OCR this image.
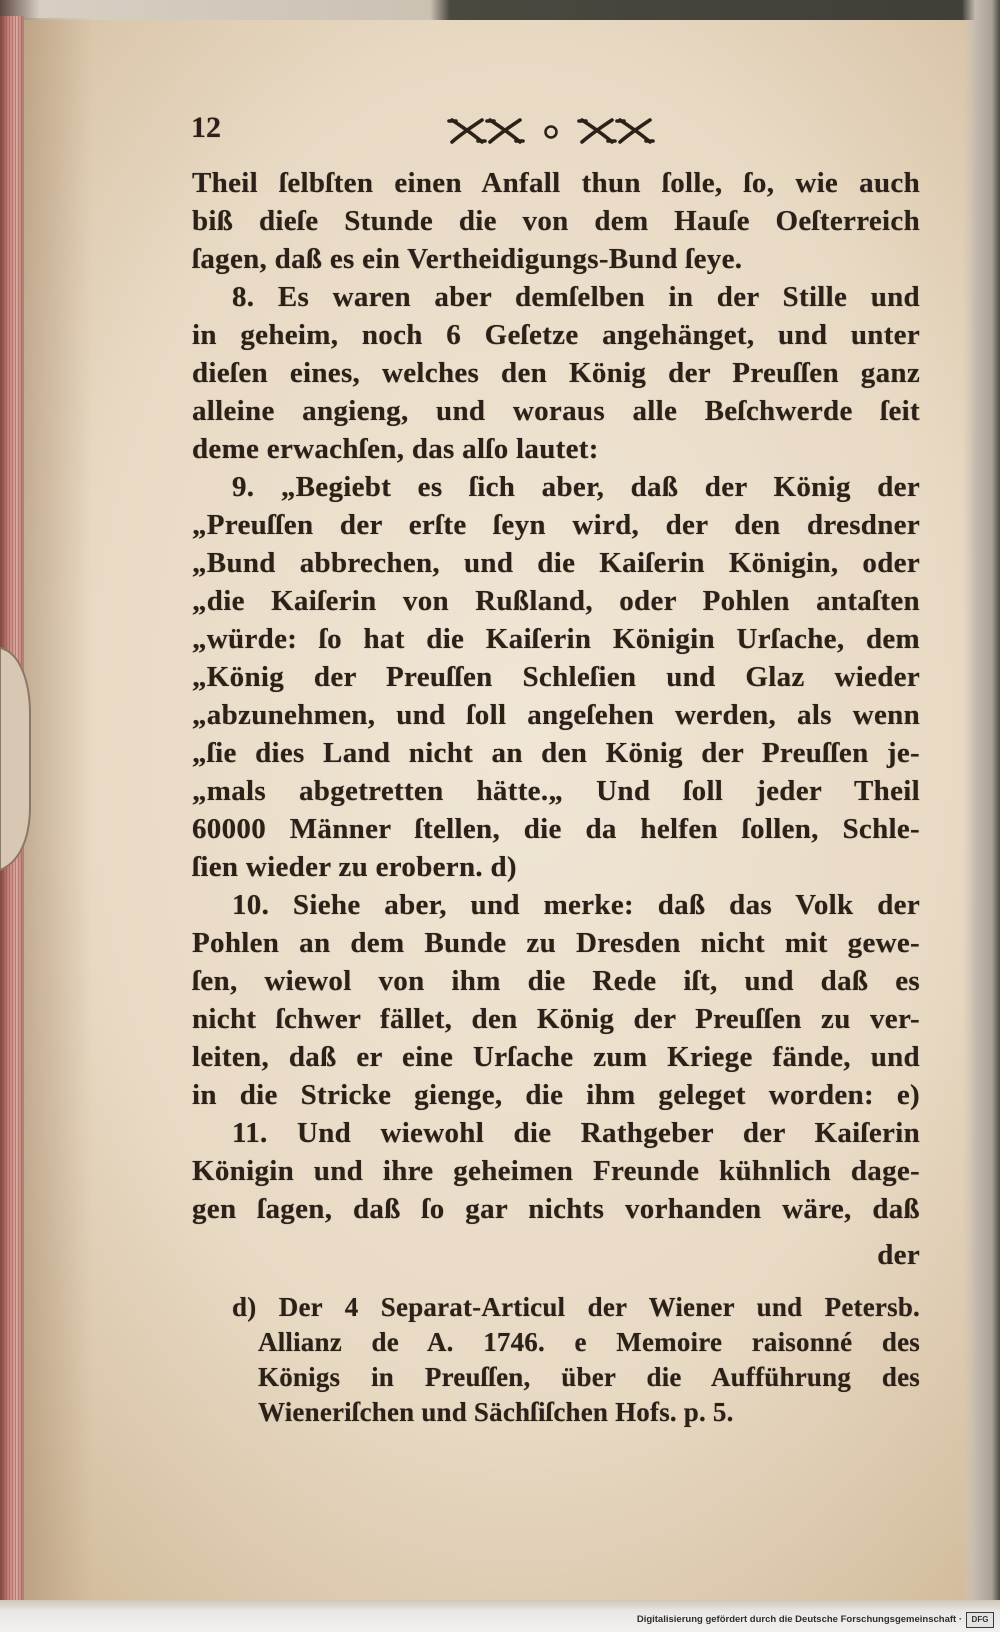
12
Theil ſelbſten einen Anfall thun ſolle, ſo, wie auch
biß dieſe Stunde die von dem Hauſe Oeſterreich
ſagen, daß es ein Vertheidigungs-Bund ſeye.
8. Es waren aber demſelben in der Stille und
in geheim, noch 6 Geſetze angehänget, und unter
dieſen eines, welches den König der Preuſſen ganz
alleine angieng, und woraus alle Beſchwerde ſeit
deme erwachſen, das alſo lautet:
9. „Begiebt es ſich aber, daß der König der
„Preuſſen der erſte ſeyn wird, der den dresdner
„Bund abbrechen, und die Kaiſerin Königin, oder
„die Kaiſerin von Rußland, oder Pohlen antaſten
„würde: ſo hat die Kaiſerin Königin Urſache, dem
„König der Preuſſen Schleſien und Glaz wieder
„abzunehmen, und ſoll angeſehen werden, als wenn
„ſie dies Land nicht an den König der Preuſſen je-
„mals abgetretten hätte.„ Und ſoll jeder Theil
60000 Männer ſtellen, die da helfen ſollen, Schle-
ſien wieder zu erobern. d)
10. Siehe aber, und merke: daß das Volk der
Pohlen an dem Bunde zu Dresden nicht mit gewe-
ſen, wiewol von ihm die Rede iſt, und daß es
nicht ſchwer fället, den König der Preuſſen zu ver-
leiten, daß er eine Urſache zum Kriege fände, und
in die Stricke gienge, die ihm geleget worden: e)
11. Und wiewohl die Rathgeber der Kaiſerin
Königin und ihre geheimen Freunde kühnlich dage-
gen ſagen, daß ſo gar nichts vorhanden wäre, daß
der
d) Der 4 Separat-Articul der Wiener und Petersb.
Allianz de A. 1746. e Memoire raisonné des
Königs in Preuſſen, über die Aufführung des
Wieneriſchen und Sächſiſchen Hofs. p. 5.
Digitalisierung gefördert durch die Deutsche Forschungsgemeinschaft ·	DFG
